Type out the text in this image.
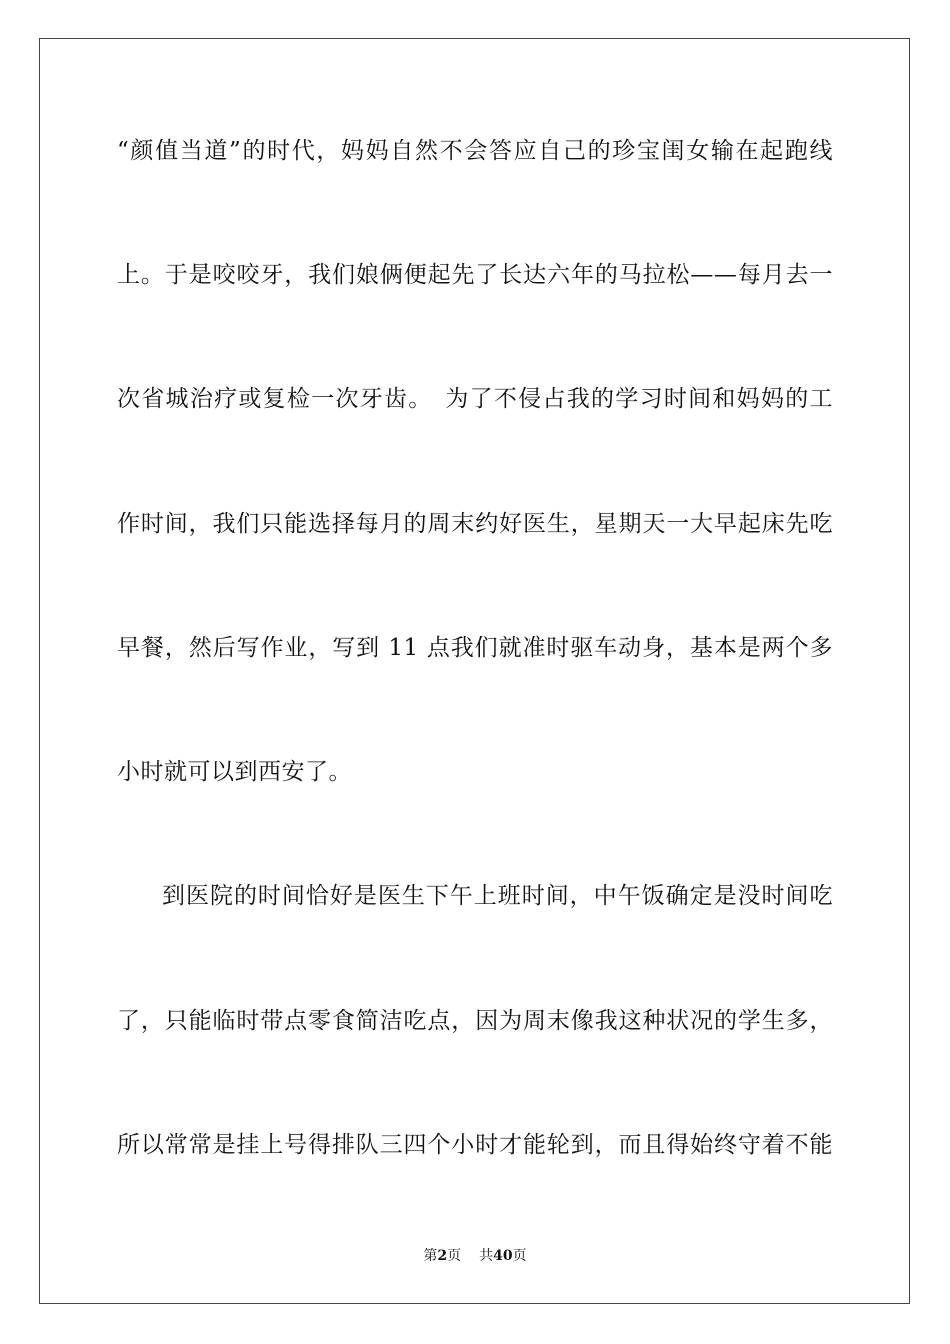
“颜值当道”的时代，妈妈自然不会答应自己的珍宝闺女输在起跑线
上。于是咬咬牙，我们娘俩便起先了长达六年的马拉松——每月去一
次省城治疗或复检一次牙齿。　为了不侵占我的学习时间和妈妈的工
作时间，我们只能选择每月的周末约好医生，星期天一大早起床先吃
早餐，然后写作业，写到 11 点我们就准时驱车动身，基本是两个多
小时就可以到西安了。
到医院的时间恰好是医生下午上班时间，中午饭确定是没时间吃
了，只能临时带点零食简洁吃点，因为周末像我这种状况的学生多，
所以常常是挂上号得排队三四个小时才能轮到，而且得始终守着不能
第2页 共40页
